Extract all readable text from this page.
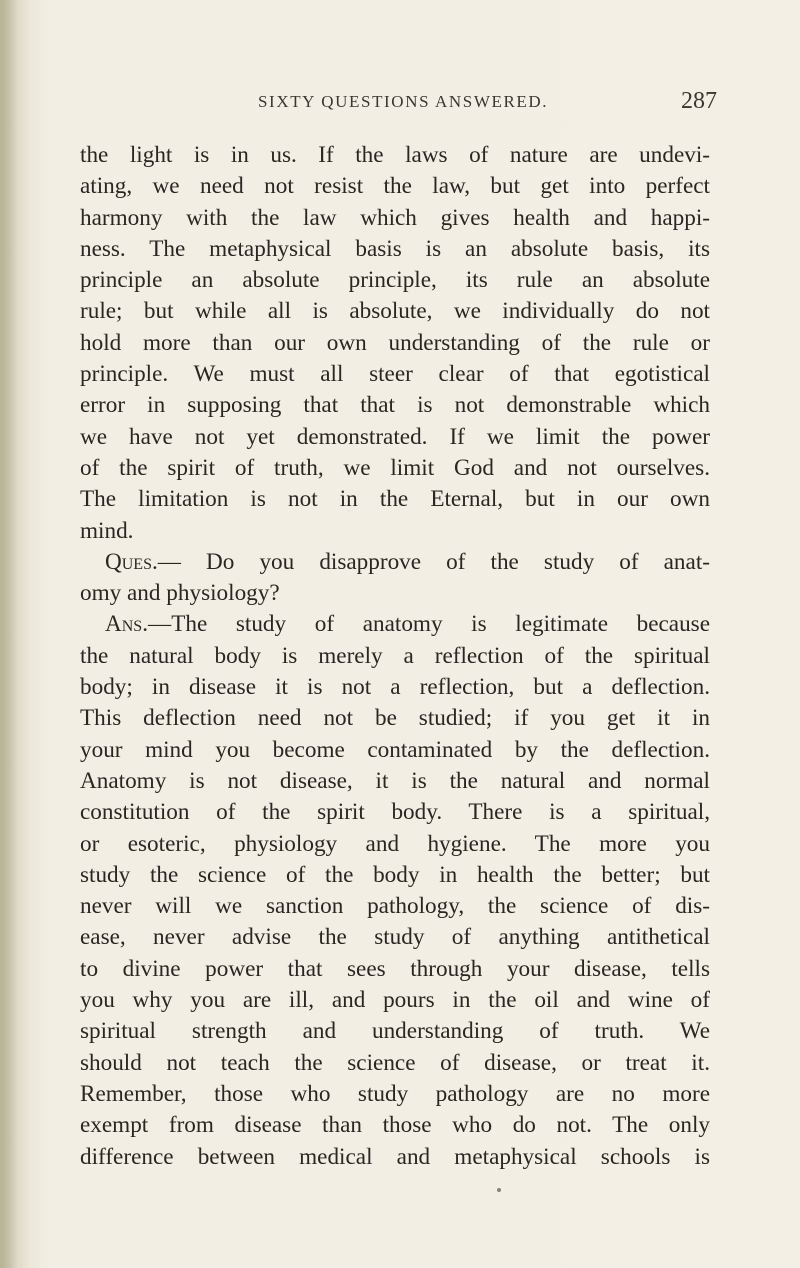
SIXTY QUESTIONS ANSWERED.	287
the light is in us. If the laws of nature are undevi-
ating, we need not resist the law, but get into perfect
harmony with the law which gives health and happi-
ness. The metaphysical basis is an absolute basis, its
principle an absolute principle, its rule an absolute
rule; but while all is absolute, we individually do not
hold more than our own understanding of the rule or
principle. We must all steer clear of that egotistical
error in supposing that that is not demonstrable which
we have not yet demonstrated. If we limit the power
of the spirit of truth, we limit God and not ourselves.
The limitation is not in the Eternal, but in our own
mind.
Ques.— Do you disapprove of the study of anat-
omy and physiology?
Ans.—The study of anatomy is legitimate because
the natural body is merely a reflection of the spiritual
body; in disease it is not a reflection, but a deflection.
This deflection need not be studied; if you get it in
your mind you become contaminated by the deflection.
Anatomy is not disease, it is the natural and normal
constitution of the spirit body. There is a spiritual,
or esoteric, physiology and hygiene. The more you
study the science of the body in health the better; but
never will we sanction pathology, the science of dis-
ease, never advise the study of anything antithetical
to divine power that sees through your disease, tells
you why you are ill, and pours in the oil and wine of
spiritual strength and understanding of truth. We
should not teach the science of disease, or treat it.
Remember, those who study pathology are no more
exempt from disease than those who do not. The only
difference between medical and metaphysical schools is
